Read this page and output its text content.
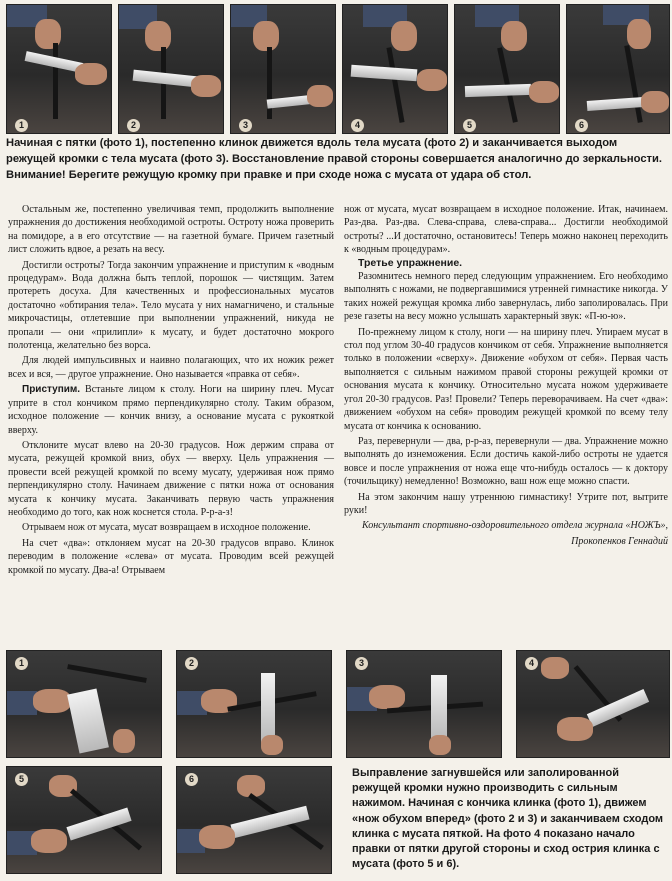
1	2	3	4	5	6
Начиная с пятки (фото 1), постепенно клинок движется вдоль тела мусата (фото 2) и заканчивается выходом режущей кромки с тела мусата (фото 3). Восстановление правой стороны совершается аналогично до зеркальности. Внимание! Берегите режущую кромку при правке и при сходе ножа с мусата от удара об стол.

Остальным же, постепенно увеличивая темп, продолжить выполнение упражнения до достижения необходимой остроты. Остроту ножа проверить на помидоре, а в его отсутствие — на газетной бумаге. Причем газетный лист сложить вдвое, а резать на весу.

Достигли остроты? Тогда закончим упражнение и приступим к «водным процедурам». Вода должна быть теплой, порошок — чистящим. Затем протереть досуха. Для качественных и профессиональных мусатов достаточно «обтирания тела». Тело мусата у них намагничено, и стальные микрочастицы, отлетевшие при выполнении упражнений, никуда не пропали — они «прилипли» к мусату, и будет достаточно мокрого полотенца, желательно без ворса.

Для людей импульсивных и наивно полагающих, что их ножик режет всех и вся, — другое упражнение. Оно называется «правка от себя».

Приступим. Встаньте лицом к столу. Ноги на ширину плеч. Мусат уприте в стол кончиком прямо перпендикулярно столу. Таким образом, исходное положение — кончик внизу, а основание мусата с рукояткой вверху.

Отклоните мусат влево на 20-30 градусов. Нож держим справа от мусата, режущей кромкой вниз, обух — вверху. Цель упражнения — провести всей режущей кромкой по всему мусату, удерживая нож прямо перпендикулярно столу. Начинаем движение с пятки ножа от основания мусата к кончику мусата. Заканчивать первую часть упражнения необходимо до того, как нож коснется стола. Р-р-а-з!

Отрываем нож от мусата, мусат возвращаем в исходное положение.

На счет «два»: отклоняем мусат на 20-30 градусов вправо. Клинок переводим в положение «слева» от мусата. Проводим всей режущей кромкой по мусату. Два-а! Отрываем

нож от мусата, мусат возвращаем в исходное положение. Итак, начинаем. Раз-два. Раз-два. Слева-справа, слева-справа... Достигли необходимой остроты? ...И достаточно, остановитесь! Теперь можно наконец переходить к «водным процедурам».

Третье упражнение.

Разомнитесь немного перед следующим упражнением. Его необходимо выполнять с ножами, не подвергавшимися утренней гимнастике никогда. У таких ножей режущая кромка либо завернулась, либо заполировалась. При резе газеты на весу можно услышать характерный звук: «П-ю-ю».

По-прежнему лицом к столу, ноги — на ширину плеч. Упираем мусат в стол под углом 30-40 градусов кончиком от себя. Упражнение выполняется только в положении «сверху». Движение «обухом от себя». Первая часть выполняется с сильным нажимом правой стороны режущей кромки от основания мусата к кончику. Относительно мусата ножом удерживаете угол 20-30 градусов. Раз! Провели? Теперь переворачиваем. На счет «два»: движением «обухом на себя» проводим режущей кромкой по всему телу мусата от кончика к основанию.

Раз, перевернули — два, р-р-аз, перевернули — два. Упражнение можно выполнять до изнеможения. Если достичь какой-либо остроты не удается вовсе и после упражнения от ножа еще что-нибудь осталось — к доктору (точильщику) немедленно! Возможно, ваш нож еще можно спасти.

На этом закончим нашу утреннюю гимнастику! Утрите пот, вытрите руки!

Консультант спортивно-оздоровительного отдела журнала «НОЖЪ»,

Прокопенков Геннадий

1	2	3	4
5	6	Выправление загнувшейся или заполированной режущей кромки нужно производить с сильным нажимом. Начиная с кончика клинка (фото 1), движем «нож обухом вперед» (фото 2 и 3) и заканчиваем сходом клинка с мусата пяткой. На фото 4 показано начало правки от пятки другой стороны и сход острия клинка с мусата (фото 5 и 6).
